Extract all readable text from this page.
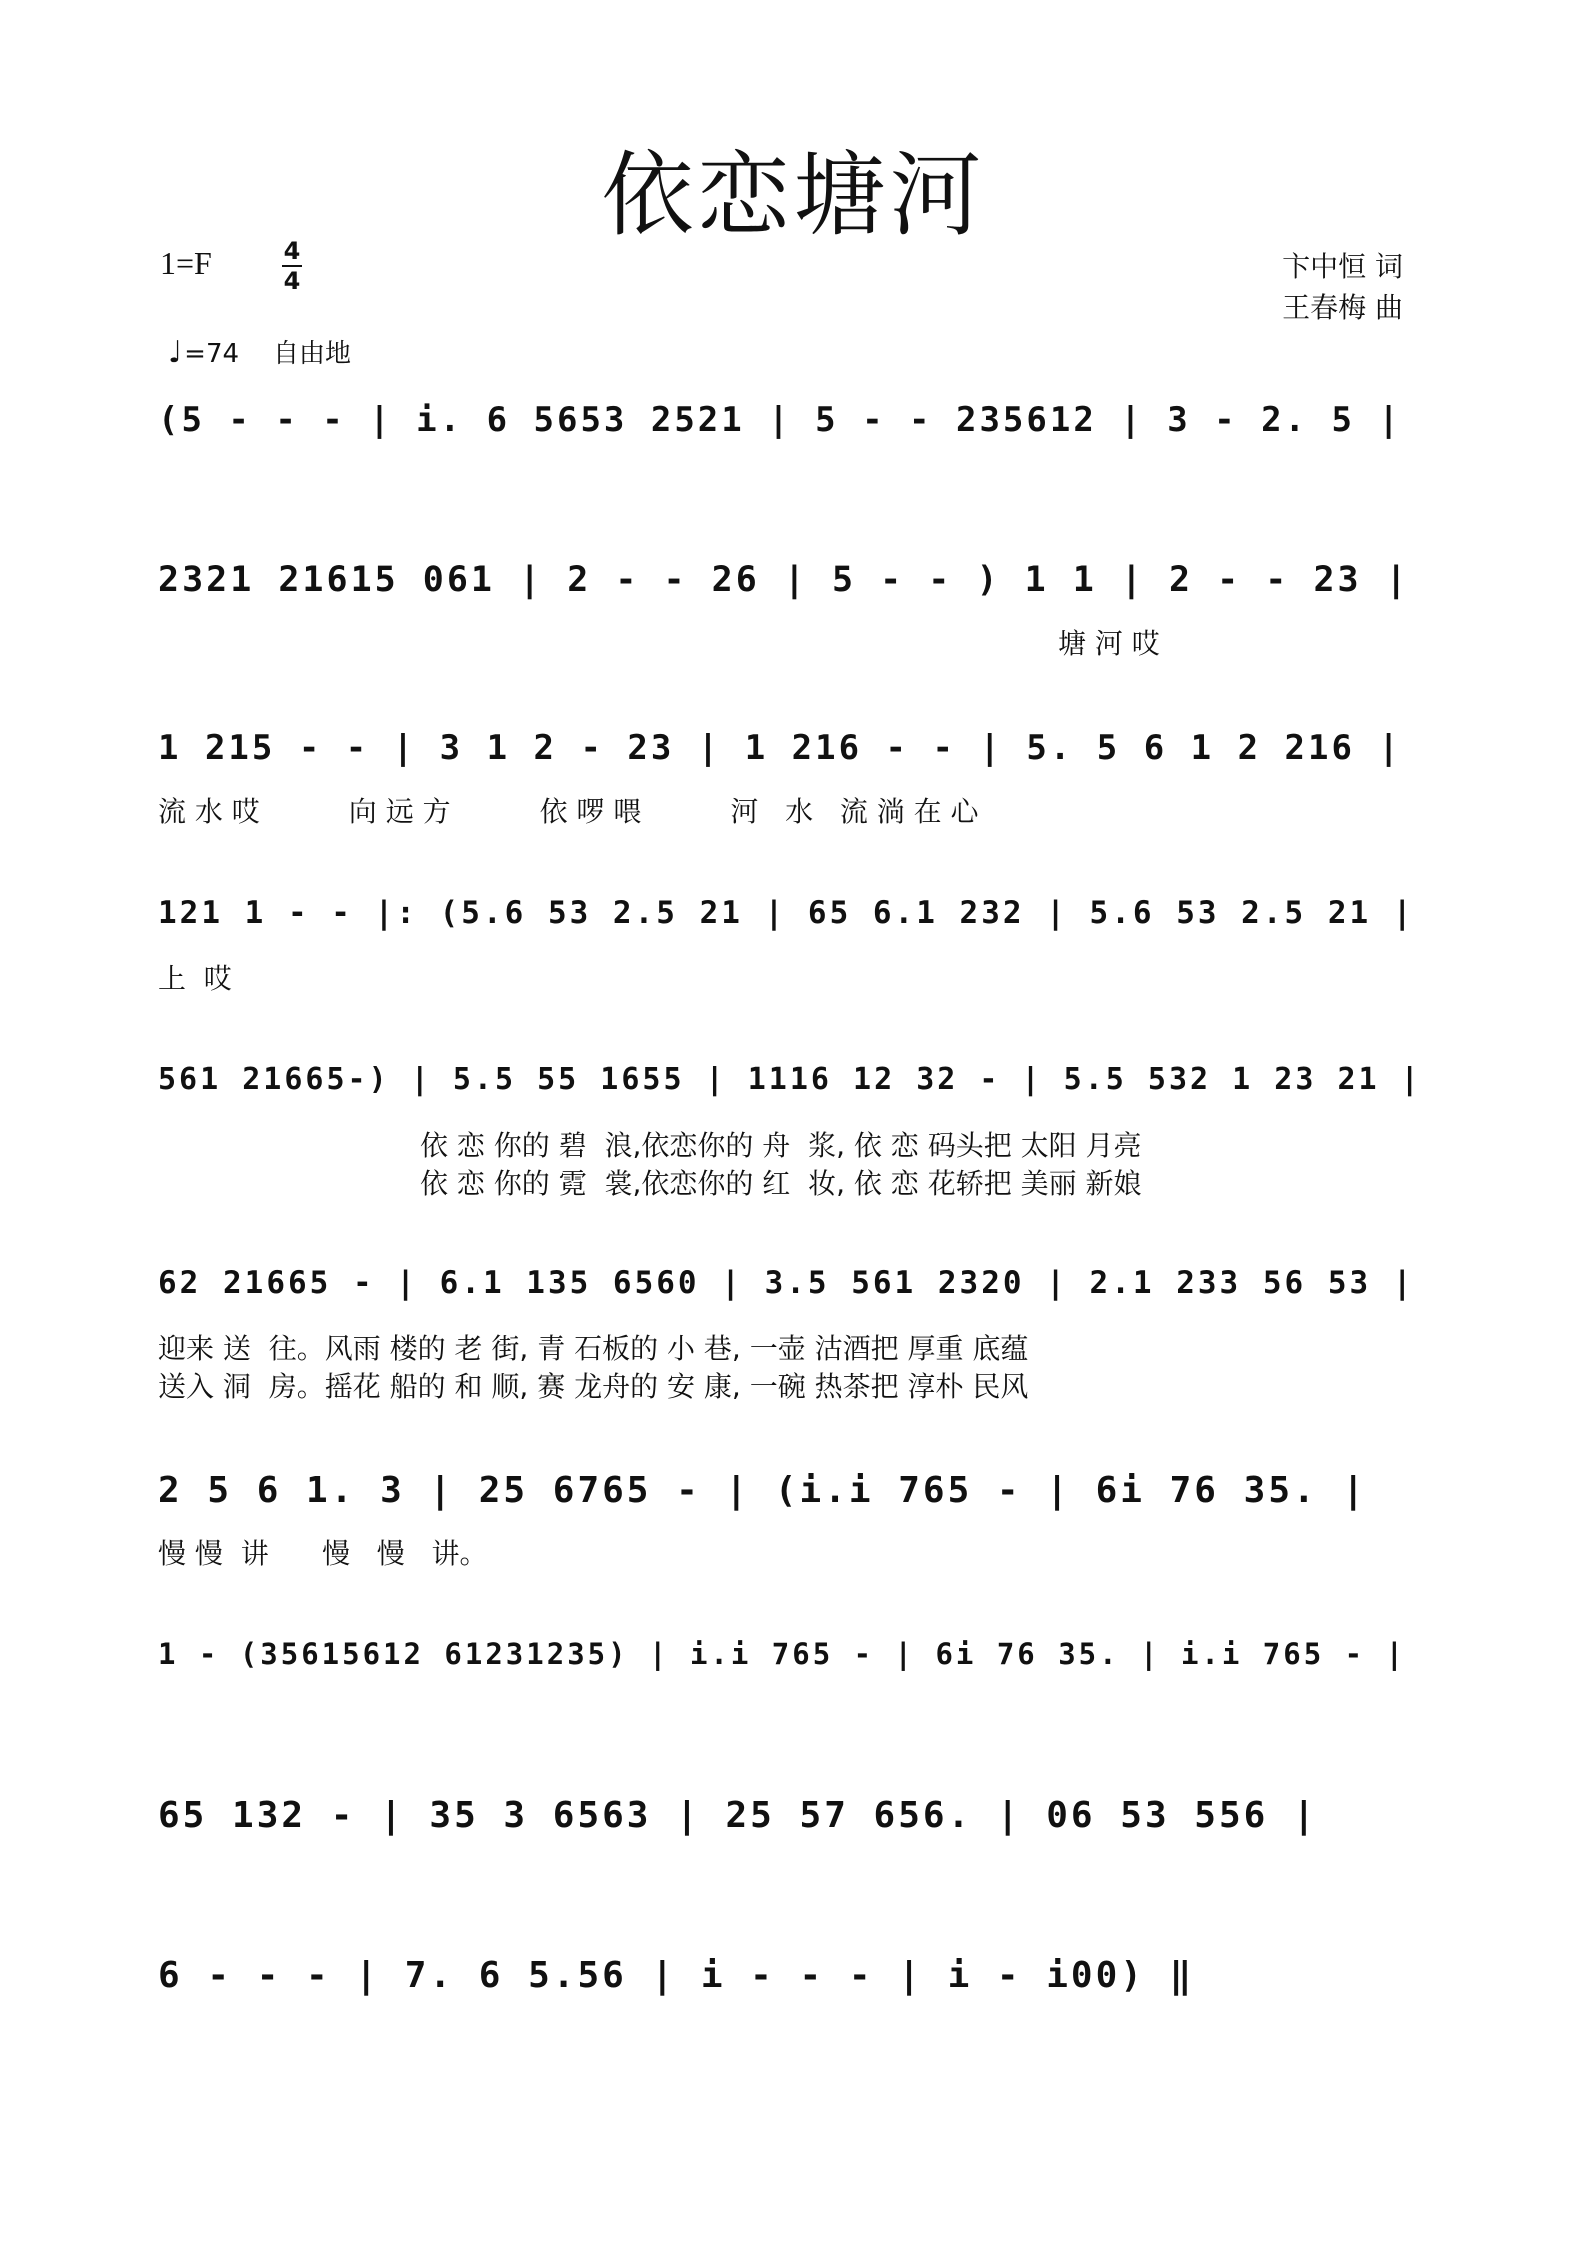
依恋塘河
1=F	4
4	卞中恒 词
王春梅 曲
♩=74 自由地
(5 - - - | i. 6 5653 2521 | 5 - - 235612 | 3 - 2. 5 |
2321 21615 061 | 2 - - 26 | 5 - - ) 1 1 | 2 - - 23 |
塘 河 哎
1 215 - - | 3 1 2 - 23 | 1 216 - - | 5. 5 6 1 2 216 |
流 水 哎          向 远 方          依 啰 喂          河   水   流 淌 在 心
121 1 - - |: (5.6 53 2.5 21 | 65 6.1 232 | 5.6 53 2.5 21 |
上  哎
561 21665-) | 5.5 55 1655 | 1116 12 32 - | 5.5 532 1 23 21 |
依 恋 你的 碧  浪,依恋你的 舟  浆, 依 恋 码头把 太阳 月亮
依 恋 你的 霓  裳,依恋你的 红  妆, 依 恋 花轿把 美丽 新娘
62 21665 - | 6.1 135 6560 | 3.5 561 2320 | 2.1 233 56 53 |
迎来 送  往。风雨 楼的 老 街, 青 石板的 小 巷, 一壶 沽酒把 厚重 底蕴
送入 洞  房。摇花 船的 和 顺, 赛 龙舟的 安 康, 一碗 热茶把 淳朴 民风
2 5 6 1. 3 | 25 6765 - | (i.i 765 - | 6i 76 35. |
慢 慢  讲      慢   慢   讲。
1 - (35615612 61231235) | i.i 765 - | 6i 76 35. | i.i 765 - |
65 132 - | 35 3 6563 | 25 57 656. | 06 53 556 |
6 - - - | 7. 6 5.56 | i - - - | i - i00) ‖
